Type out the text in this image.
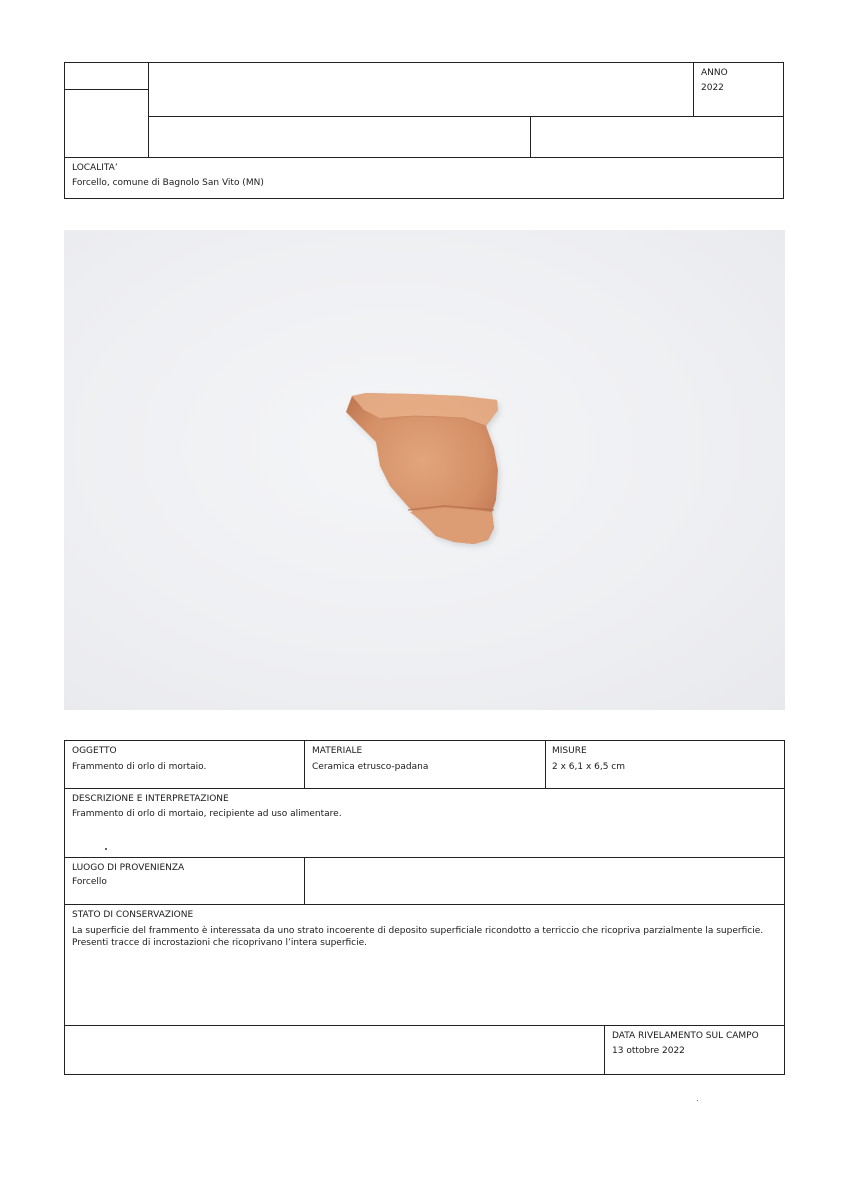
ANNO
2022
LOCALITA’
Forcello, comune di Bagnolo San Vito (MN)
OGGETTO
Frammento di orlo di mortaio.
MATERIALE
Ceramica etrusco-padana
MISURE
2 x 6,1 x 6,5 cm
DESCRIZIONE E INTERPRETAZIONE
Frammento di orlo di mortaio, recipiente ad uso alimentare.
LUOGO DI PROVENIENZA
Forcello
STATO DI CONSERVAZIONE
La superficie del frammento è interessata da uno strato incoerente di deposito superficiale ricondotto a terriccio che ricopriva parzialmente la superficie. Presenti tracce di incrostazioni che ricoprivano l’intera superficie.
DATA RIVELAMENTO SUL CAMPO
13 ottobre 2022
